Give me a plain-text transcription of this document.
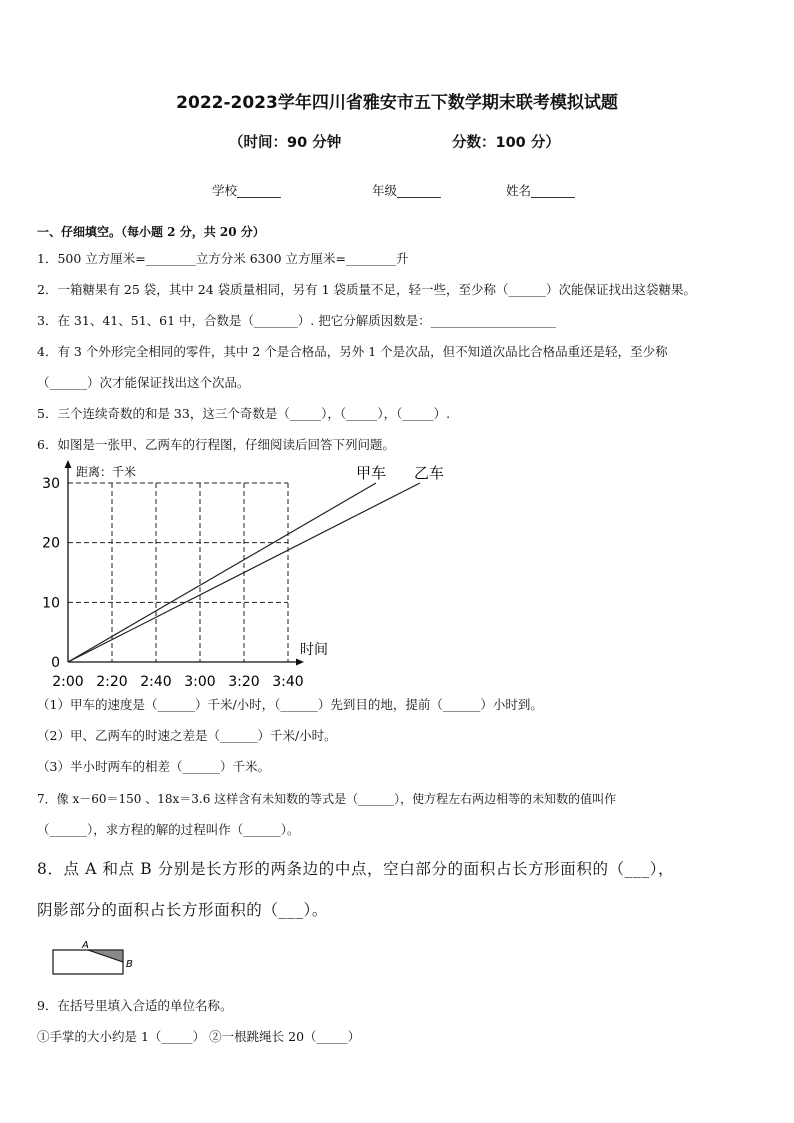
2022-2023学年四川省雅安市五下数学期末联考模拟试题
（时间：90 分钟	分数：100 分）
学校_______	年级_______	姓名_______
一、仔细填空。（每小题 2 分，共 20 分）
1．500 立方厘米=________立方分米 6300 立方厘米=________升
2．一箱糖果有 25 袋，其中 24 袋质量相同，另有 1 袋质量不足，轻一些，至少称（______）次能保证找出这袋糖果。
3．在 31、41、51、61 中，合数是（_______）. 把它分解质因数是：____________________
4．有 3 个外形完全相同的零件，其中 2 个是合格品，另外 1 个是次品，但不知道次品比合格品重还是轻，至少称
（______）次才能保证找出这个次品。
5．三个连续奇数的和是 33，这三个奇数是（_____），（_____），（_____）.
6．如图是一张甲、乙两车的行程图，仔细阅读后回答下列问题。
距离：千米
时间
0
10
20
30
2:00 2:20 2:40 3:00 3:20 3:40
甲车 乙车
（1）甲车的速度是（______）千米/小时，（______）先到目的地，提前（______）小时到。
（2）甲、乙两车的时速之差是（______）千米/小时。
（3）半小时两车的相差（______）千米。
7．像 x－60＝150 、18x＝3.6 这样含有未知数的等式是（______），使方程左右两边相等的未知数的值叫作
（______），求方程的解的过程叫作（______）。
8．点 A 和点 B 分别是长方形的两条边的中点，空白部分的面积占长方形面积的（___），
阴影部分的面积占长方形面积的（___）。
A
B
9．在括号里填入合适的单位名称。
①手掌的大小约是 1（_____） ②一根跳绳长 20（_____）
